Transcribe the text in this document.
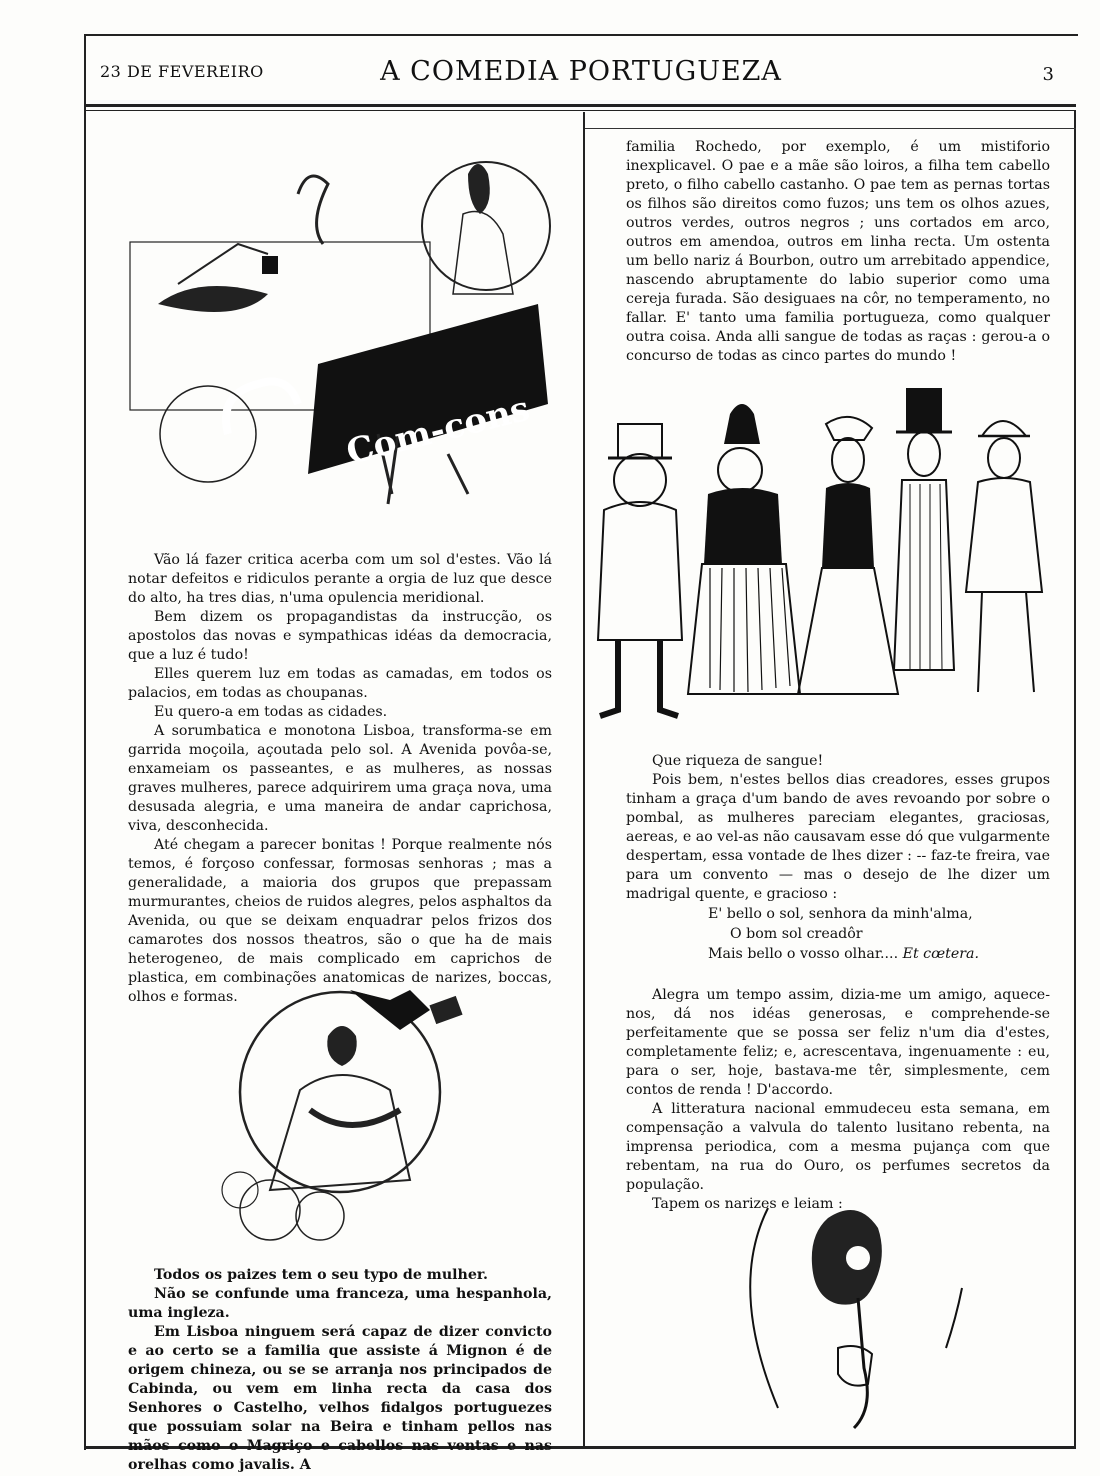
23 DE FEVEREIRO	A COMEDIA PORTUGUEZA	3
Com-cons

Vão lá fazer critica acerba com um sol d'estes. Vão lá notar defeitos e ridiculos perante a orgia de luz que desce do alto, ha tres dias, n'uma opulencia meridional.

Bem dizem os propagandistas da instrucção, os apostolos das novas e sympathicas idéas da democracia, que a luz é tudo!

Elles querem luz em todas as camadas, em todos os palacios, em todas as choupanas.

Eu quero-a em todas as cidades.

A sorumbatica e monotona Lisboa, transforma-se em garrida moçoila, açoutada pelo sol. A Avenida povôa-se, enxameiam os passeantes, e as mulheres, as nossas graves mulheres, parece adquirirem uma graça nova, uma desusada alegria, e uma maneira de andar caprichosa, viva, desconhecida.

Até chegam a parecer bonitas ! Porque realmente nós temos, é forçoso confessar, formosas senhoras ; mas a generalidade, a maioria dos grupos que prepassam murmurantes, cheios de ruidos alegres, pelos asphaltos da Avenida, ou que se deixam enquadrar pelos frizos dos camarotes dos nossos theatros, são o que ha de mais heterogeneo, de mais complicado em caprichos de plastica, em combinações anatomicas de narizes, boccas, olhos e formas.

Todos os paizes tem o seu typo de mulher.

Não se confunde uma franceza, uma hespanhola, uma ingleza.

Em Lisboa ninguem será capaz de dizer convicto e ao certo se a familia que assiste á Mignon é de origem chineza, ou se se arranja nos principados de Cabinda, ou vem em linha recta da casa dos Senhores o Castelho, velhos fidalgos portuguezes que possuiam solar na Beira e tinham pellos nas mãos como o Magriço e cabellos nas ventas e nas orelhas como javalis. A

familia Rochedo, por exemplo, é um mistiforio inexplicavel. O pae e a mãe são loiros, a filha tem cabello preto, o filho cabello castanho. O pae tem as pernas tortas os filhos são direitos como fuzos; uns tem os olhos azues, outros verdes, outros negros ; uns cortados em arco, outros em amendoa, outros em linha recta. Um ostenta um bello nariz á Bourbon, outro um arrebitado appendice, nascendo abruptamente do labio superior como uma cereja furada. São desiguaes na côr, no temperamento, no fallar. E' tanto uma familia portugueza, como qualquer outra coisa. Anda alli sangue de todas as raças : gerou-a o concurso de todas as cinco partes do mundo !

Que riqueza de sangue!

Pois bem, n'estes bellos dias creadores, esses grupos tinham a graça d'um bando de aves revoando por sobre o pombal, as mulheres pareciam elegantes, graciosas, aereas, e ao vel-as não causavam esse dó que vulgarmente despertam, essa vontade de lhes dizer : -- faz-te freira, vae para um convento — mas o desejo de lhe dizer um madrigal quente, e gracioso :

E' bello o sol, senhora da minh'alma,
O bom sol creadôr
Mais bello o vosso olhar.... Et cœtera.

Alegra um tempo assim, dizia-me um amigo, aquece-nos, dá nos idéas generosas, e comprehende-se perfeitamente que se possa ser feliz n'um dia d'estes, completamente feliz; e, acrescentava, ingenuamente : eu, para o ser, hoje, bastava-me têr, simplesmente, cem contos de renda ! D'accordo.

A litteratura nacional emmudeceu esta semana, em compensação a valvula do talento lusitano rebenta, na imprensa periodica, com a mesma pujança com que rebentam, na rua do Ouro, os perfumes secretos da população.

Tapem os narizes e leiam :
